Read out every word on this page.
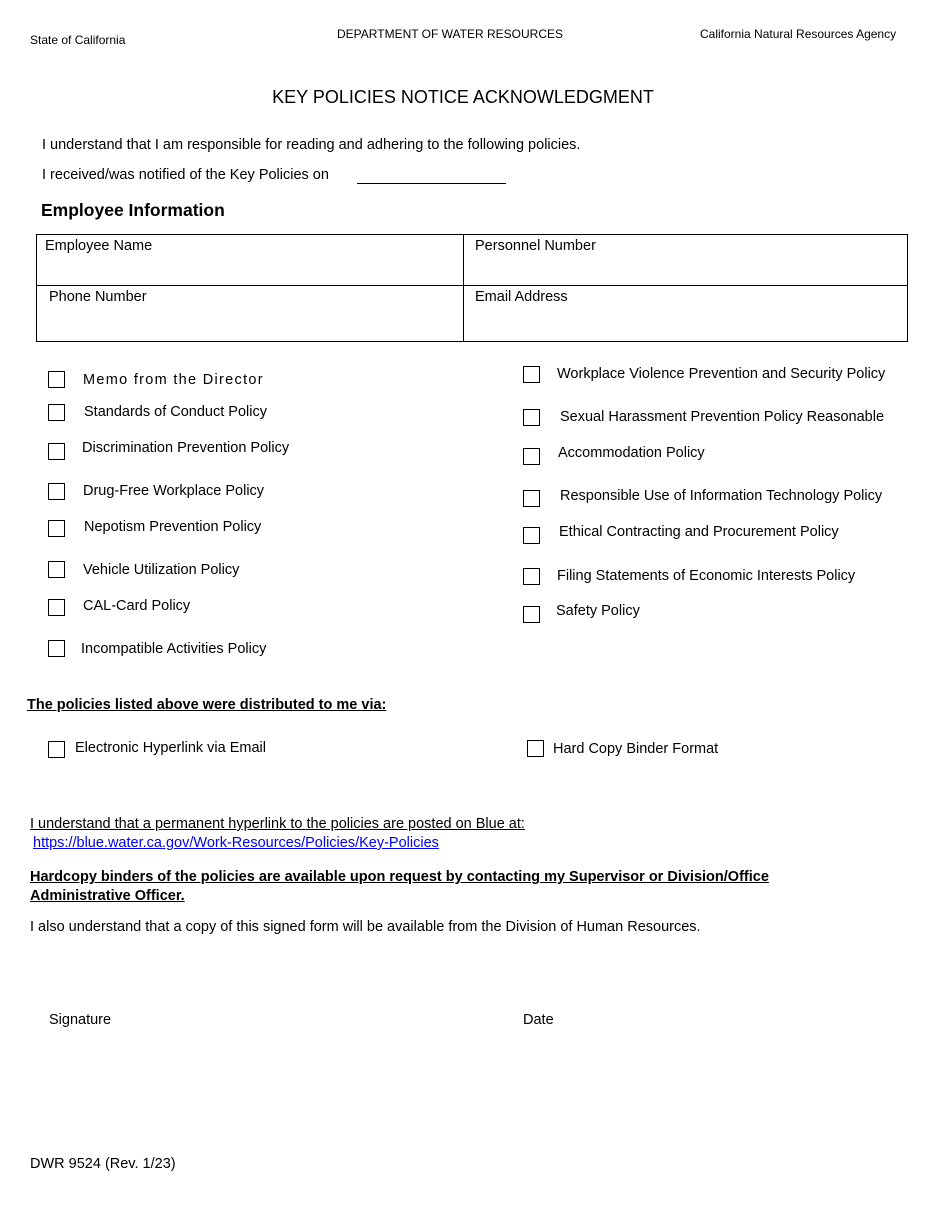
State of California	DEPARTMENT OF WATER RESOURCES	California Natural Resources Agency
KEY POLICIES NOTICE ACKNOWLEDGMENT
I understand that I am responsible for reading and adhering to the following policies.
I received/was notified of the Key Policies on
Employee Information
Employee Name	Personnel Number
Phone Number	Email Address
Memo from the Director
Standards of Conduct Policy
Discrimination Prevention Policy
Drug-Free Workplace Policy
Nepotism Prevention Policy
Vehicle Utilization Policy
CAL-Card Policy
Incompatible Activities Policy
Workplace Violence Prevention and Security Policy
Sexual Harassment Prevention Policy Reasonable
Accommodation Policy
Responsible Use of Information Technology Policy
Ethical Contracting and Procurement Policy
Filing Statements of Economic Interests Policy
Safety Policy
The policies listed above were distributed to me via:
Electronic Hyperlink via Email	Hard Copy Binder Format
I understand that a permanent hyperlink to the policies are posted on Blue at:
https://blue.water.ca.gov/Work-Resources/Policies/Key-Policies
Hardcopy binders of the policies are available upon request by contacting my Supervisor or Division/Office
Administrative Officer.
I also understand that a copy of this signed form will be available from the Division of Human Resources.
Signature	Date
DWR 9524 (Rev. 1/23)
